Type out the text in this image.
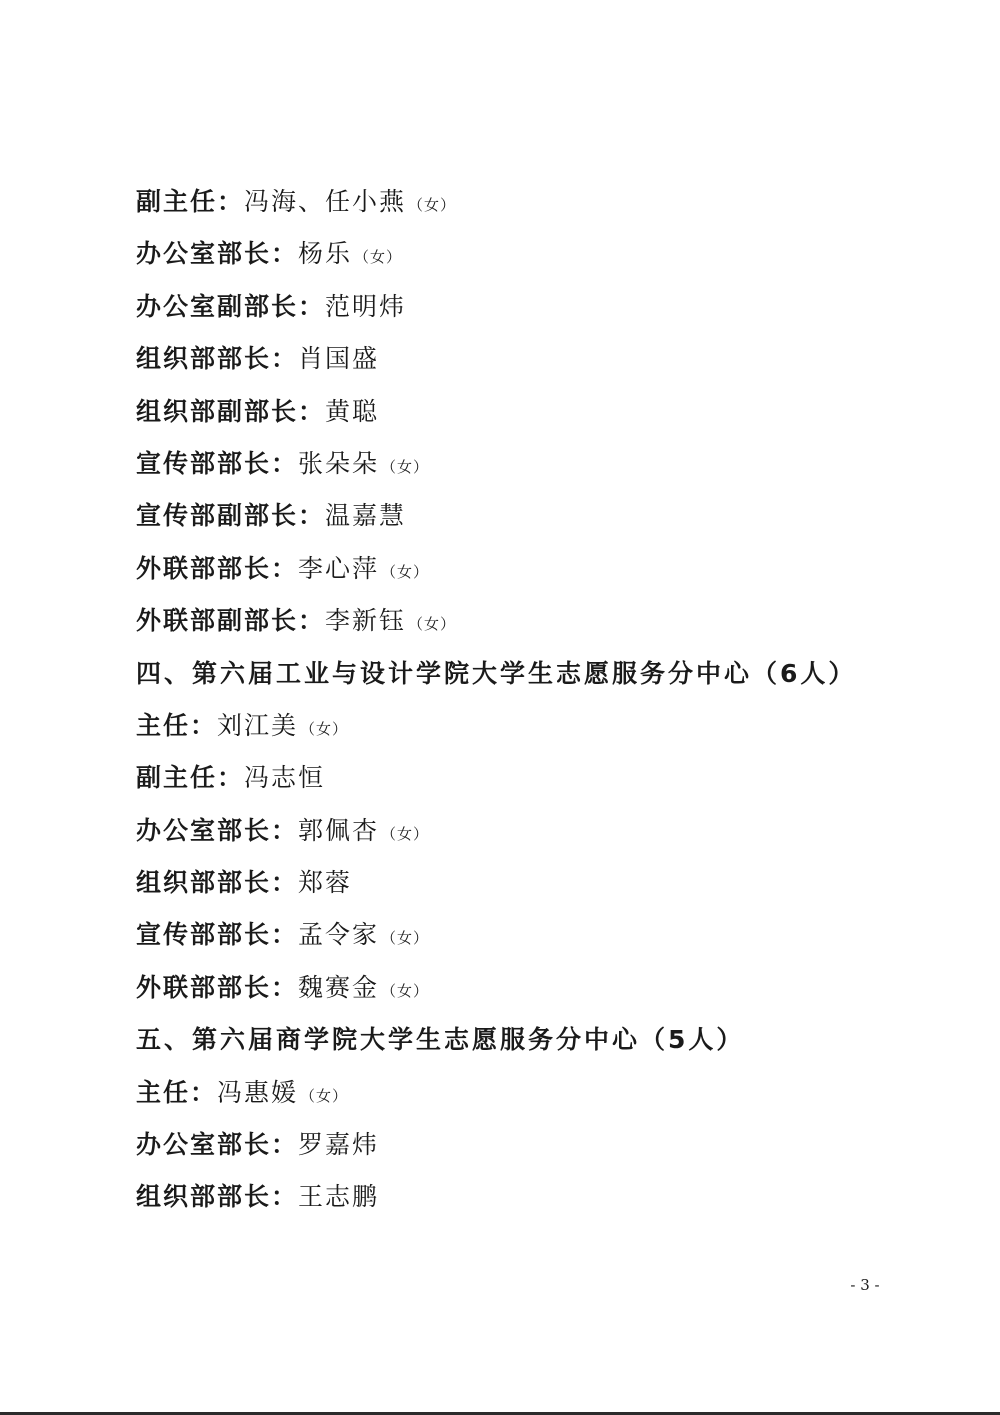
副主任：冯海、任小燕 （女）
办公室部长：杨乐 （女）
办公室副部长：范明炜
组织部部长：肖国盛
组织部副部长：黄聪
宣传部部长：张朵朵 （女）
宣传部副部长：温嘉慧
外联部部长：李心萍 （女）
外联部副部长：李新钰 （女）
四、第六届工业与设计学院大学生志愿服务分中心（6人）
主任：刘江美 （女）
副主任：冯志恒
办公室部长：郭佩杏 （女）
组织部部长：郑蓉
宣传部部长：孟令家 （女）
外联部部长：魏赛金 （女）
五、第六届商学院大学生志愿服务分中心（5人）
主任：冯惠媛 （女）
办公室部长：罗嘉炜
组织部部长：王志鹏
- 3 -
